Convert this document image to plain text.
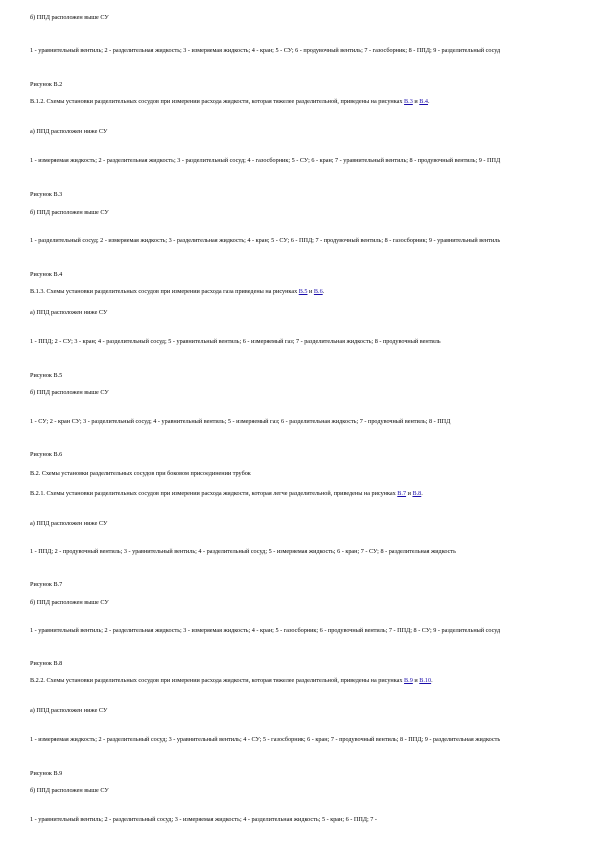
б) ППД расположен выше СУ

1 - уравнительный вентиль; 2 - разделительная жидкость; 3 - измеряемая жидкость; 4 - кран; 5 - СУ; 6 - продувочный вентиль; 7 - газосборник; 8 - ППД; 9 - разделительный сосуд

Рисунок В.2

В.1.2. Схемы установки разделительных сосудов при измерении расхода жидкости, которая тяжелее разделительной, приведены на рисунках В.3 и В.4.

а) ППД расположен ниже СУ

1 - измеряемая жидкость; 2 - разделительная жидкость; 3 - разделительный сосуд; 4 - газосборник; 5 - СУ; 6 - кран; 7 - уравнительный вентиль; 8 - продувочный вентиль; 9 - ППД

Рисунок В.3

б) ППД расположен выше СУ

1 - разделительный сосуд; 2 - измеряемая жидкость; 3 - разделительная жидкость; 4 - кран; 5 - СУ; 6 - ППД; 7 - продувочный вентиль; 8 - газосборник; 9 - уравнительный вентиль

Рисунок В.4

В.1.3. Схемы установки разделительных сосудов при измерении расхода газа приведены на рисунках В.5 и В.6.

а) ППД расположен ниже СУ

1 - ППД; 2 - СУ; 3 - кран; 4 - разделительный сосуд; 5 - уравнительный вентиль; 6 - измеряемый газ; 7 - разделительная жидкость; 8 - продувочный вентиль

Рисунок В.5

б) ППД расположен выше СУ

1 - СУ; 2 - кран СУ; 3 - разделительный сосуд; 4 - уравнительный вентиль; 5 - измеряемый газ; 6 - разделительная жидкость; 7 - продувочный вентиль; 8 - ППД

Рисунок В.6

В.2. Схемы установки разделительных сосудов при боковом присоединении трубок

В.2.1. Схемы установки разделительных сосудов при измерении расхода жидкости, которая легче разделительной, приведены на рисунках В.7 и В.8.

а) ППД расположен ниже СУ

1 - ППД; 2 - продувочный вентиль; 3 - уравнительный вентиль; 4 - разделительный сосуд; 5 - измеряемая жидкость; 6 - кран; 7 - СУ; 8 - разделительная жидкость

Рисунок В.7

б) ППД расположен выше СУ

1 - уравнительный вентиль; 2 - разделительная жидкость; 3 - измеряемая жидкость; 4 - кран; 5 - газосборник; 6 - продувочный вентиль; 7 - ППД; 8 - СУ; 9 - разделительный сосуд

Рисунок В.8

В.2.2. Схемы установки разделительных сосудов при измерении расхода жидкости, которая тяжелее разделительной, приведены на рисунках В.9 и В.10.

а) ППД расположен ниже СУ

1 - измеряемая жидкость; 2 - разделительный сосуд; 3 - уравнительный вентиль; 4 - СУ; 5 - газосборник; 6 - кран; 7 - продувочный вентиль; 8 - ППД; 9 - разделительная жидкость

Рисунок В.9

б) ППД расположен выше СУ

1 - уравнительный вентиль; 2 - разделительный сосуд; 3 - измеряемая жидкость; 4 - разделительная жидкость; 5 - кран; 6 - ППД; 7 -
